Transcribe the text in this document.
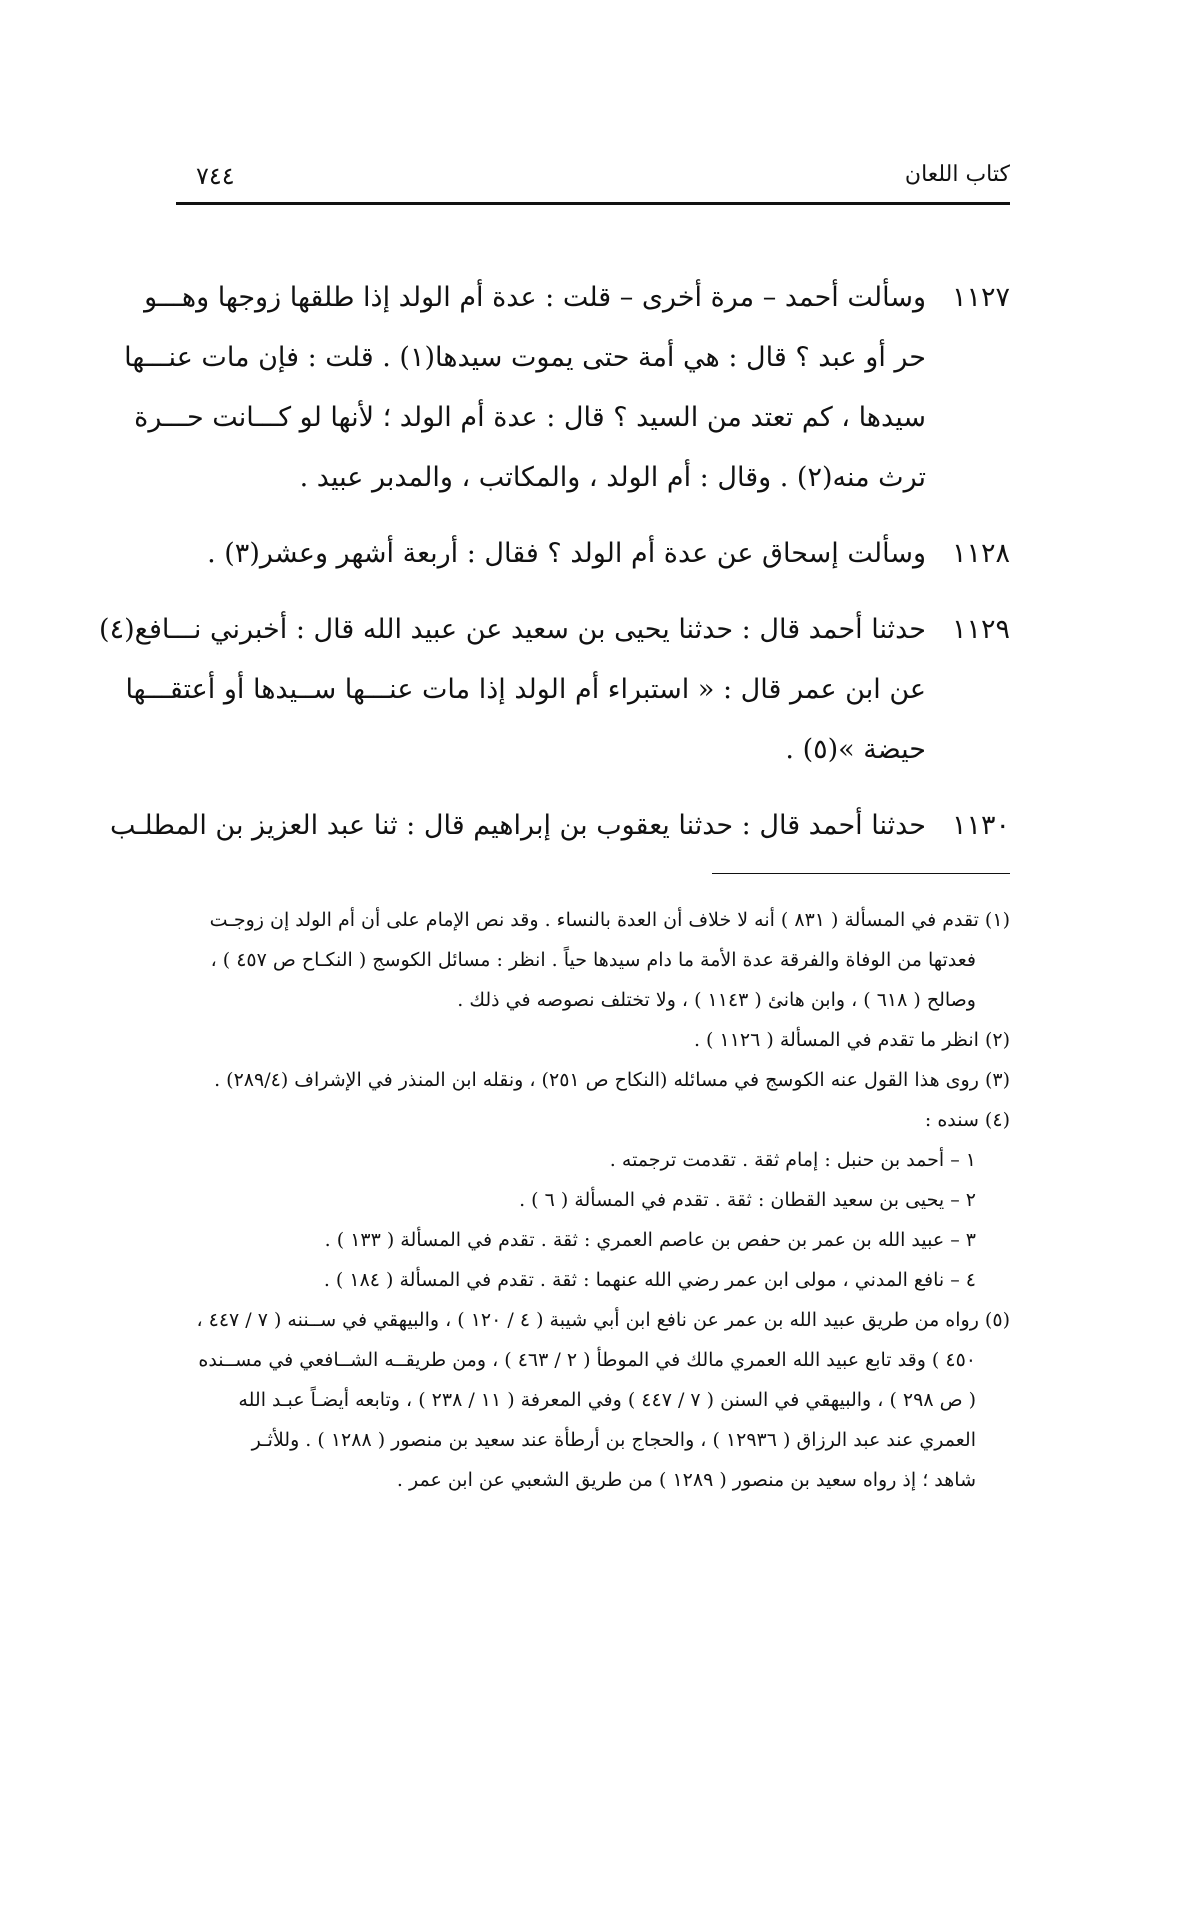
كتاب اللعان
٧٤٤
١١٢٧
وسألت أحمد – مرة أخرى – قلت : عدة أم الولد إذا طلقها زوجها وهـــو
حر أو عبد ؟ قال : هي أمة حتى يموت سيدها(١) . قلت : فإن مات عنـــها
سيدها ، كم تعتد من السيد ؟ قال : عدة أم الولد ؛ لأنها لو كـــانت حـــرة
ترث منه(٢) . وقال : أم الولد ، والمكاتب ، والمدبر عبيد .
١١٢٨
وسألت إسحاق عن عدة أم الولد ؟ فقال : أربعة أشهر وعشر(٣) .
١١٢٩
حدثنا أحمد قال : حدثنا يحيى بن سعيد عن عبيد الله قال : أخبرني نـــافع(٤)
عن ابن عمر قال : « استبراء أم الولد إذا مات عنـــها ســيدها أو أعتقـــها
حيضة »(٥) .
١١٣٠
حدثنا أحمد قال : حدثنا يعقوب بن إبراهيم قال : ثنا عبد العزيز بن المطلـب
(١) تقدم في المسألة ( ٨٣١ ) أنه لا خلاف أن العدة بالنساء . وقد نص الإمام على أن أم الولد إن زوجـت
فعدتها من الوفاة والفرقة عدة الأمة ما دام سيدها حياً . انظر : مسائل الكوسج ( النكـاح ص ٤٥٧ ) ،
وصالح ( ٦١٨ ) ، وابن هانئ ( ١١٤٣ ) ، ولا تختلف نصوصه في ذلك .
(٢) انظر ما تقدم في المسألة ( ١١٢٦ ) .
(٣) روى هذا القول عنه الكوسج في مسائله (النكاح ص ٢٥١) ، ونقله ابن المنذر في الإشراف (٢٨٩/٤) .
(٤) سنده :
١ – أحمد بن حنبل : إمام ثقة . تقدمت ترجمته .
٢ – يحيى بن سعيد القطان : ثقة . تقدم في المسألة ( ٦ ) .
٣ – عبيد الله بن عمر بن حفص بن عاصم العمري : ثقة . تقدم في المسألة ( ١٣٣ ) .
٤ – نافع المدني ، مولى ابن عمر رضي الله عنهما : ثقة . تقدم في المسألة ( ١٨٤ ) .
(٥) رواه من طريق عبيد الله بن عمر عن نافع ابن أبي شيبة ( ٤ / ١٢٠ ) ، والبيهقي في ســننه ( ٧ / ٤٤٧ ،
٤٥٠ ) وقد تابع عبيد الله العمري مالك في الموطأ ( ٢ / ٤٦٣ ) ، ومن طريقــه الشــافعي في مســنده
( ص ٢٩٨ ) ، والبيهقي في السنن ( ٧ / ٤٤٧ ) وفي المعرفة ( ١١ / ٢٣٨ ) ، وتابعه أيضـاً عبـد الله
العمري عند عبد الرزاق ( ١٢٩٣٦ ) ، والحجاج بن أرطأة عند سعيد بن منصور ( ١٢٨٨ ) . وللأثـر
شاهد ؛ إذ رواه سعيد بن منصور ( ١٢٨٩ ) من طريق الشعبي عن ابن عمر .
